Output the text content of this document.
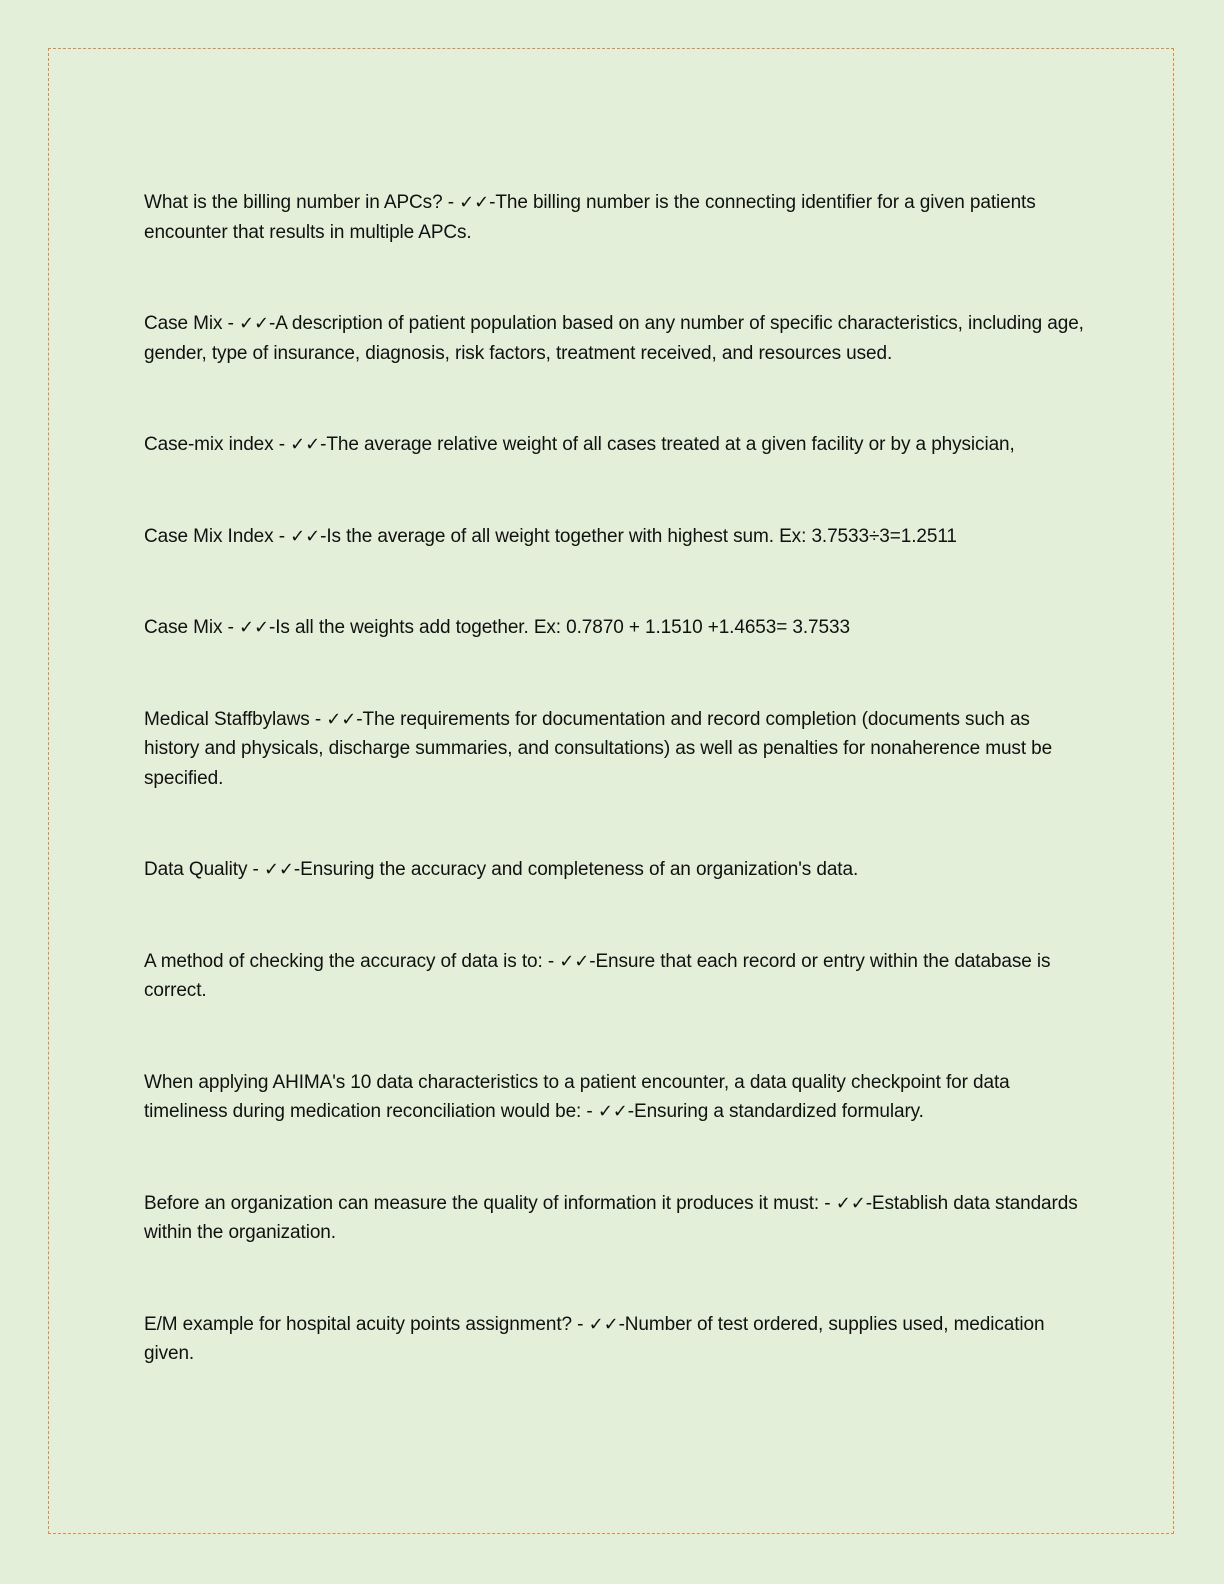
What is the billing number in APCs? - ✓✓-The billing number is the connecting identifier for a given patients encounter that results in multiple APCs.
Case Mix - ✓✓-A description of patient population based on any number of specific characteristics, including age, gender, type of insurance, diagnosis, risk factors, treatment received, and resources used.
Case-mix index - ✓✓-The average relative weight of all cases treated at a given facility or by a physician,
Case Mix Index - ✓✓-Is the average of all weight together with highest sum. Ex: 3.7533÷3=1.2511
Case Mix - ✓✓-Is all the weights add together. Ex: 0.7870 + 1.1510 +1.4653= 3.7533
Medical Staffbylaws - ✓✓-The requirements for documentation and record completion (documents such as history and physicals, discharge summaries, and consultations) as well as penalties for nonaherence must be specified.
Data Quality - ✓✓-Ensuring the accuracy and completeness of an organization's data.
A method of checking the accuracy of data is to: - ✓✓-Ensure that each record or entry within the database is correct.
When applying AHIMA's 10 data characteristics to a patient encounter, a data quality checkpoint for data timeliness during medication reconciliation would be: - ✓✓-Ensuring a standardized formulary.
Before an organization can measure the quality of information it produces it must: - ✓✓-Establish data standards within the organization.
E/M example for hospital acuity points assignment? - ✓✓-Number of test ordered, supplies used, medication given.
